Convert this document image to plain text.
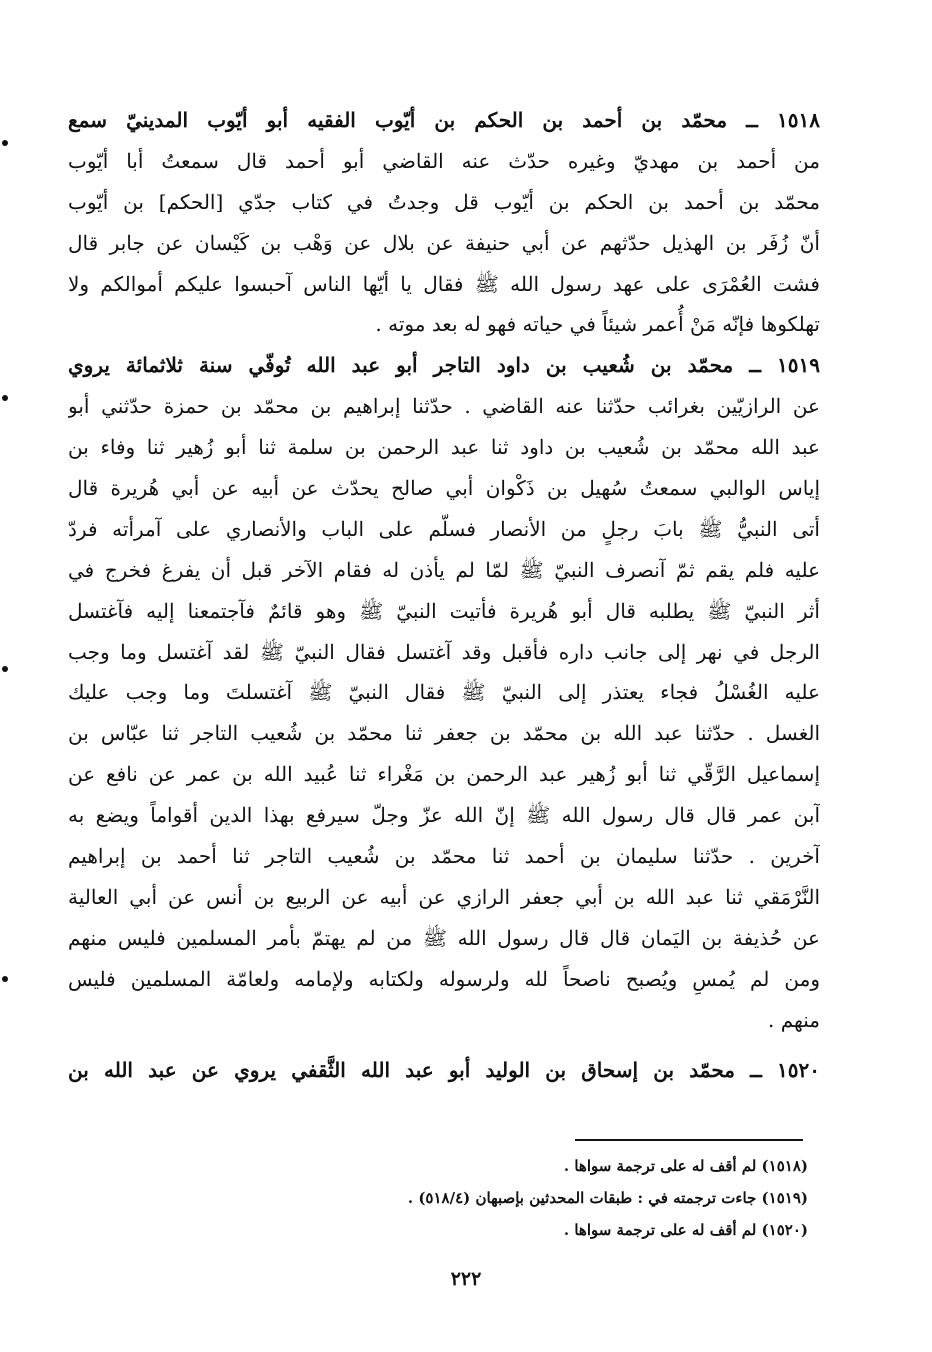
١٥١٨ ــ محمّد بن أحمد بن الحكم بن أيّوب الفقيه أبو أيّوب المدينيّ سمع
من أحمد بن مهديّ وغيره حدّث عنه القاضي أبو أحمد قال سمعتُ أبا أيّوب
محمّد بن أحمد بن الحكم بن أيّوب قل وجدتُ في كتاب جدّي [الحكم] بن أيّوب
أنّ زُفَر بن الهذيل حدّثهم عن أبي حنيفة عن بلال عن وَهْب بن كَيْسان عن جابر قال
فشت العُمْرَى على عهد رسول الله ﷺ فقال يا أيّها الناس آحبسوا عليكم أموالكم ولا
تهلكوها فإنّه مَنْ أُعمر شيئاً في حياته فهو له بعد موته .
١٥١٩ ــ محمّد بن شُعيب بن داود التاجر أبو عبد الله تُوفّي سنة ثلاثمائة يروي
عن الرازيّين بغرائب حدّثنا عنه القاضي . حدّثنا إبراهيم بن محمّد بن حمزة حدّثني أبو
عبد الله محمّد بن شُعيب بن داود ثنا عبد الرحمن بن سلمة ثنا أبو زُهير ثنا وفاء بن
إياس الوالبي سمعتُ سُهيل بن ذَكْوان أبي صالح يحدّث عن أبيه عن أبي هُريرة قال
أتى النبيُّ ﷺ بابَ رجلٍ من الأنصار فسلّم على الباب والأنصاري على آمرأته فردّ
عليه فلم يقم ثمّ آنصرف النبيّ ﷺ لمّا لم يأذن له فقام الآخر قبل أن يفرغ فخرج في
أثر النبيّ ﷺ يطلبه قال أبو هُريرة فأتيت النبيّ ﷺ وهو قائمٌ فآجتمعنا إليه فآغتسل
الرجل في نهر إلى جانب داره فأقبل وقد آغتسل فقال النبيّ ﷺ لقد آغتسل وما وجب
عليه الغُسْلُ فجاء يعتذر إلى النبيّ ﷺ فقال النبيّ ﷺ آغتسلتَ وما وجب عليك
الغسل . حدّثنا عبد الله بن محمّد بن جعفر ثنا محمّد بن شُعيب التاجر ثنا عبّاس بن
إسماعيل الرَّقّي ثنا أبو زُهير عبد الرحمن بن مَغْراء ثنا عُبيد الله بن عمر عن نافع عن
آبن عمر قال قال رسول الله ﷺ إنّ الله عزّ وجلّ سيرفع بهذا الدين أقواماً ويضع به
آخرين . حدّثنا سليمان بن أحمد ثنا محمّد بن شُعيب التاجر ثنا أحمد بن إبراهيم
النَّرْمَقي ثنا عبد الله بن أبي جعفر الرازي عن أبيه عن الربيع بن أنس عن أبي العالية
عن حُذيفة بن اليَمان قال قال رسول الله ﷺ من لم يهتمّ بأمر المسلمين فليس منهم
ومن لم يُمسِ ويُصبح ناصحاً لله ولرسوله ولكتابه ولإمامه ولعامّة المسلمين فليس
منهم .
١٥٢٠ ــ محمّد بن إسحاق بن الوليد أبو عبد الله الثَّقفي يروي عن عبد الله بن
(١٥١٨) لم أقف له على ترجمة سواها .
(١٥١٩) جاءت ترجمته في : طبقات المحدثين بإصبهان (٥١٨/٤) .
(١٥٢٠) لم أقف له على ترجمة سواها .
٢٢٢
